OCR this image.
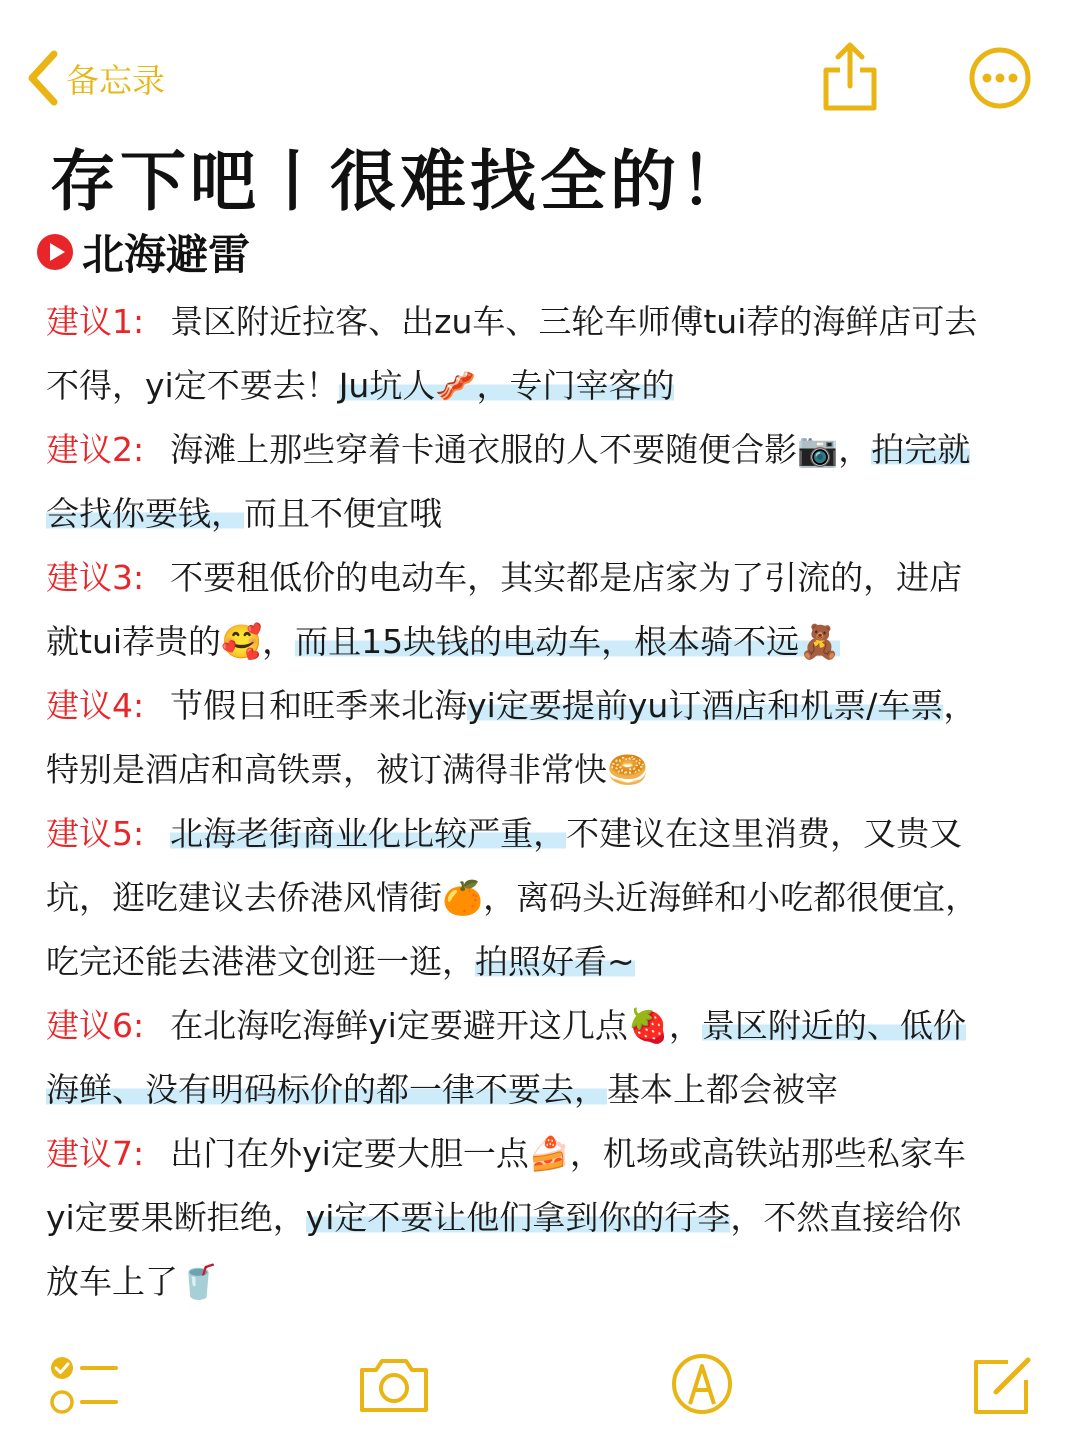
备忘录
存下吧丨很难找全的！
北海避雷
建议1: 景区附近拉客、出zu车、三轮车师傅tui荐的海鲜店可去
不得，yi定不要去！Ju坑人🥓，专门宰客的
建议2: 海滩上那些穿着卡通衣服的人不要随便合影📷，拍完就
会找你要钱，而且不便宜哦
建议3: 不要租低价的电动车，其实都是店家为了引流的，进店
就tui荐贵的🥰，而且15块钱的电动车，根本骑不远🧸
建议4: 节假日和旺季来北海yi定要提前yu订酒店和机票/车票，
特别是酒店和高铁票，被订满得非常快🥯
建议5: 北海老街商业化比较严重，不建议在这里消费，又贵又
坑，逛吃建议去侨港风情街🍊，离码头近海鲜和小吃都很便宜，
吃完还能去港港文创逛一逛，拍照好看~
建议6: 在北海吃海鲜yi定要避开这几点🍓，景区附近的、低价
海鲜、没有明码标价的都一律不要去，基本上都会被宰
建议7: 出门在外yi定要大胆一点🍰，机场或高铁站那些私家车
yi定要果断拒绝，yi定不要让他们拿到你的行李，不然直接给你
放车上了🥤
